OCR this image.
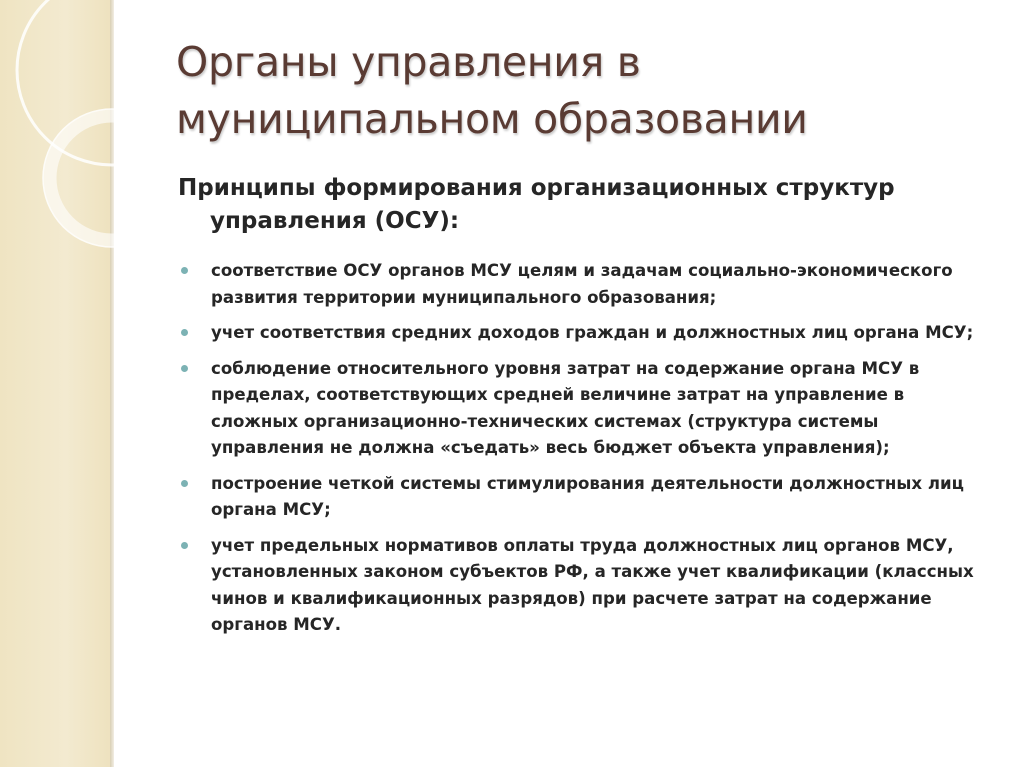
Органы управления в
муниципальном образовании

Принципы формирования организационных структур управления (ОСУ):

соответствие ОСУ органов МСУ целям и задачам социально-экономического развития территории муниципального образования;
учет соответствия средних доходов граждан и должностных лиц органа МСУ;
соблюдение относительного уровня затрат на содержание органа МСУ в пределах, соответствующих средней величине затрат на управление в сложных организационно-технических системах (структура системы управления не должна «съедать» весь бюджет объекта управления);
построение четкой системы стимулирования деятельности должностных лиц органа МСУ;
учет предельных нормативов оплаты труда должностных лиц органов МСУ, установленных законом субъектов РФ, а также учет квалификации (классных чинов и квалификационных разрядов) при расчете затрат на содержание органов МСУ.
